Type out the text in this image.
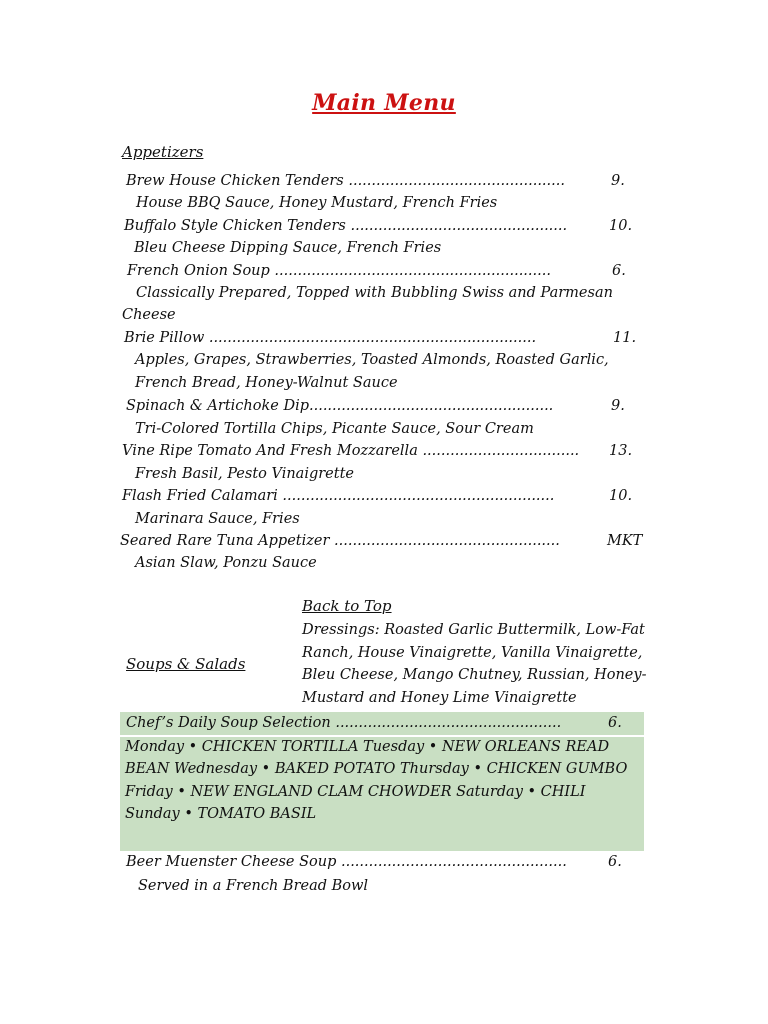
Main Menu
Appetizers
Brew House Chicken Tenders ...............................................	9.
House BBQ Sauce, Honey Mustard, French Fries
Buffalo Style Chicken Tenders ...............................................	10.
Bleu Cheese Dipping Sauce, French Fries
French Onion Soup ............................................................	6.
Classically Prepared, Topped with Bubbling Swiss and Parmesan
Cheese
Brie Pillow .......................................................................	11.
Apples, Grapes, Strawberries, Toasted Almonds, Roasted Garlic,
French Bread, Honey-Walnut Sauce
Spinach & Artichoke Dip.....................................................	9.
Tri-Colored Tortilla Chips, Picante Sauce, Sour Cream
Vine Ripe Tomato And Fresh Mozzarella .................................. 13.
Fresh Basil, Pesto Vinaigrette
Flash Fried Calamari ...........................................................	10.
Marinara Sauce, Fries
Seared Rare Tuna Appetizer .................................................	MKT
Asian Slaw, Ponzu Sauce
Back to Top
Dressings: Roasted Garlic Buttermilk, Low-Fat Ranch, House Vinaigrette, Vanilla Vinaigrette, Bleu Cheese, Mango Chutney, Russian, Honey-Mustard and Honey Lime Vinaigrette
Soups & Salads
Chef’s Daily Soup Selection .................................................	6.
Monday • CHICKEN TORTILLA Tuesday • NEW ORLEANS READ BEAN Wednesday • BAKED POTATO Thursday • CHICKEN GUMBO Friday • NEW ENGLAND CLAM CHOWDER Saturday • CHILI Sunday • TOMATO BASIL
Beer Muenster Cheese Soup .................................................	6.
Served in a French Bread Bowl
